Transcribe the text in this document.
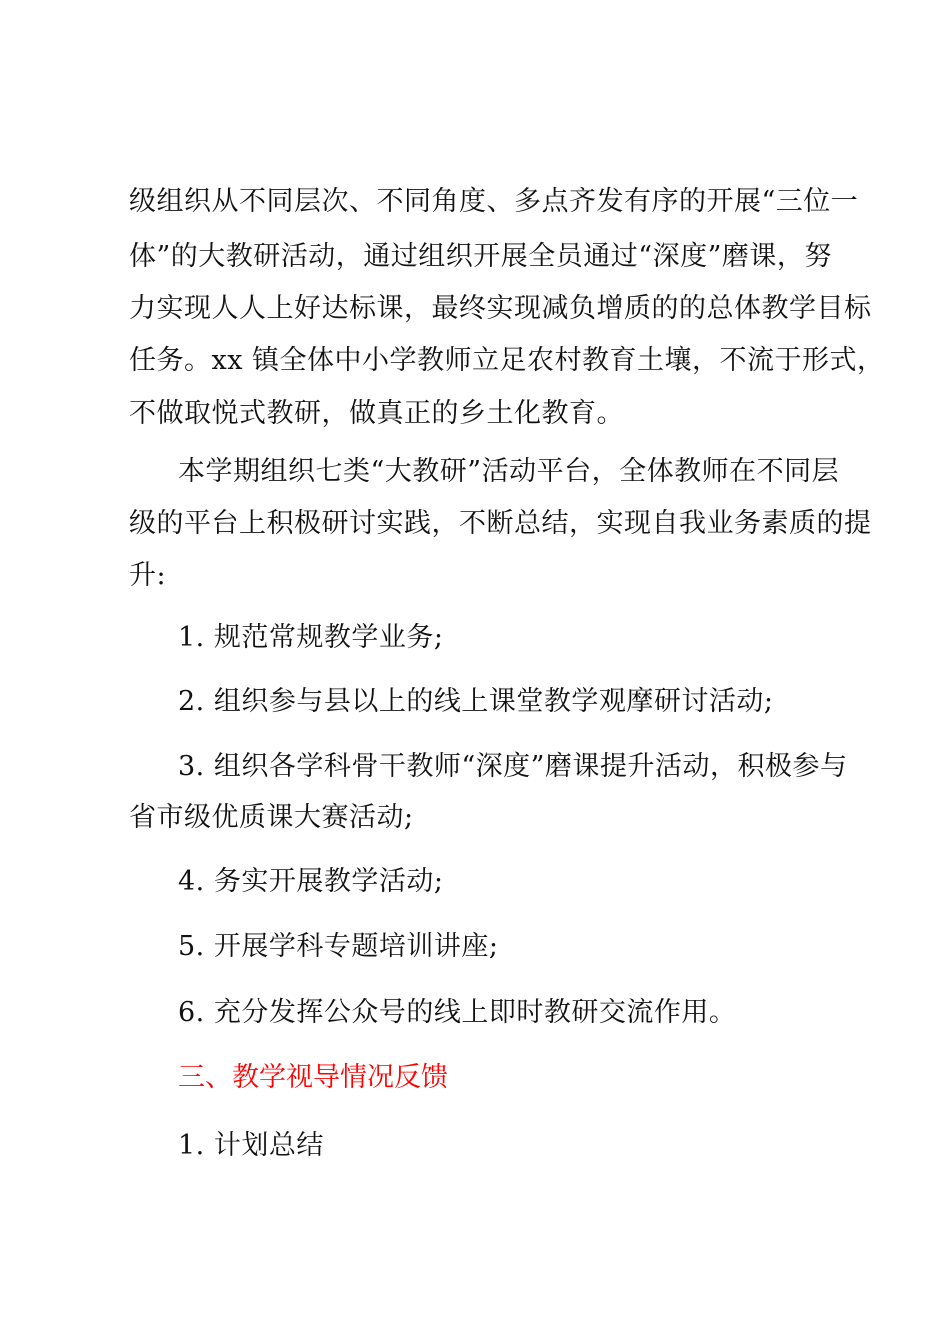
级组织从不同层次、不同角度、多点齐发有序的开展“三位一
体”的大教研活动，通过组织开展全员通过“深度”磨课，努
力实现人人上好达标课，最终实现减负增质的的总体教学目标
任务。xx 镇全体中小学教师立足农村教育土壤，不流于形式，
不做取悦式教研，做真正的乡土化教育。
本学期组织七类“大教研”活动平台，全体教师在不同层
级的平台上积极研讨实践，不断总结，实现自我业务素质的提
升:
1. 规范常规教学业务;
2. 组织参与县以上的线上课堂教学观摩研讨活动;
3. 组织各学科骨干教师“深度”磨课提升活动，积极参与
省市级优质课大赛活动;
4. 务实开展教学活动;
5. 开展学科专题培训讲座;
6. 充分发挥公众号的线上即时教研交流作用。
三、教学视导情况反馈
1. 计划总结
